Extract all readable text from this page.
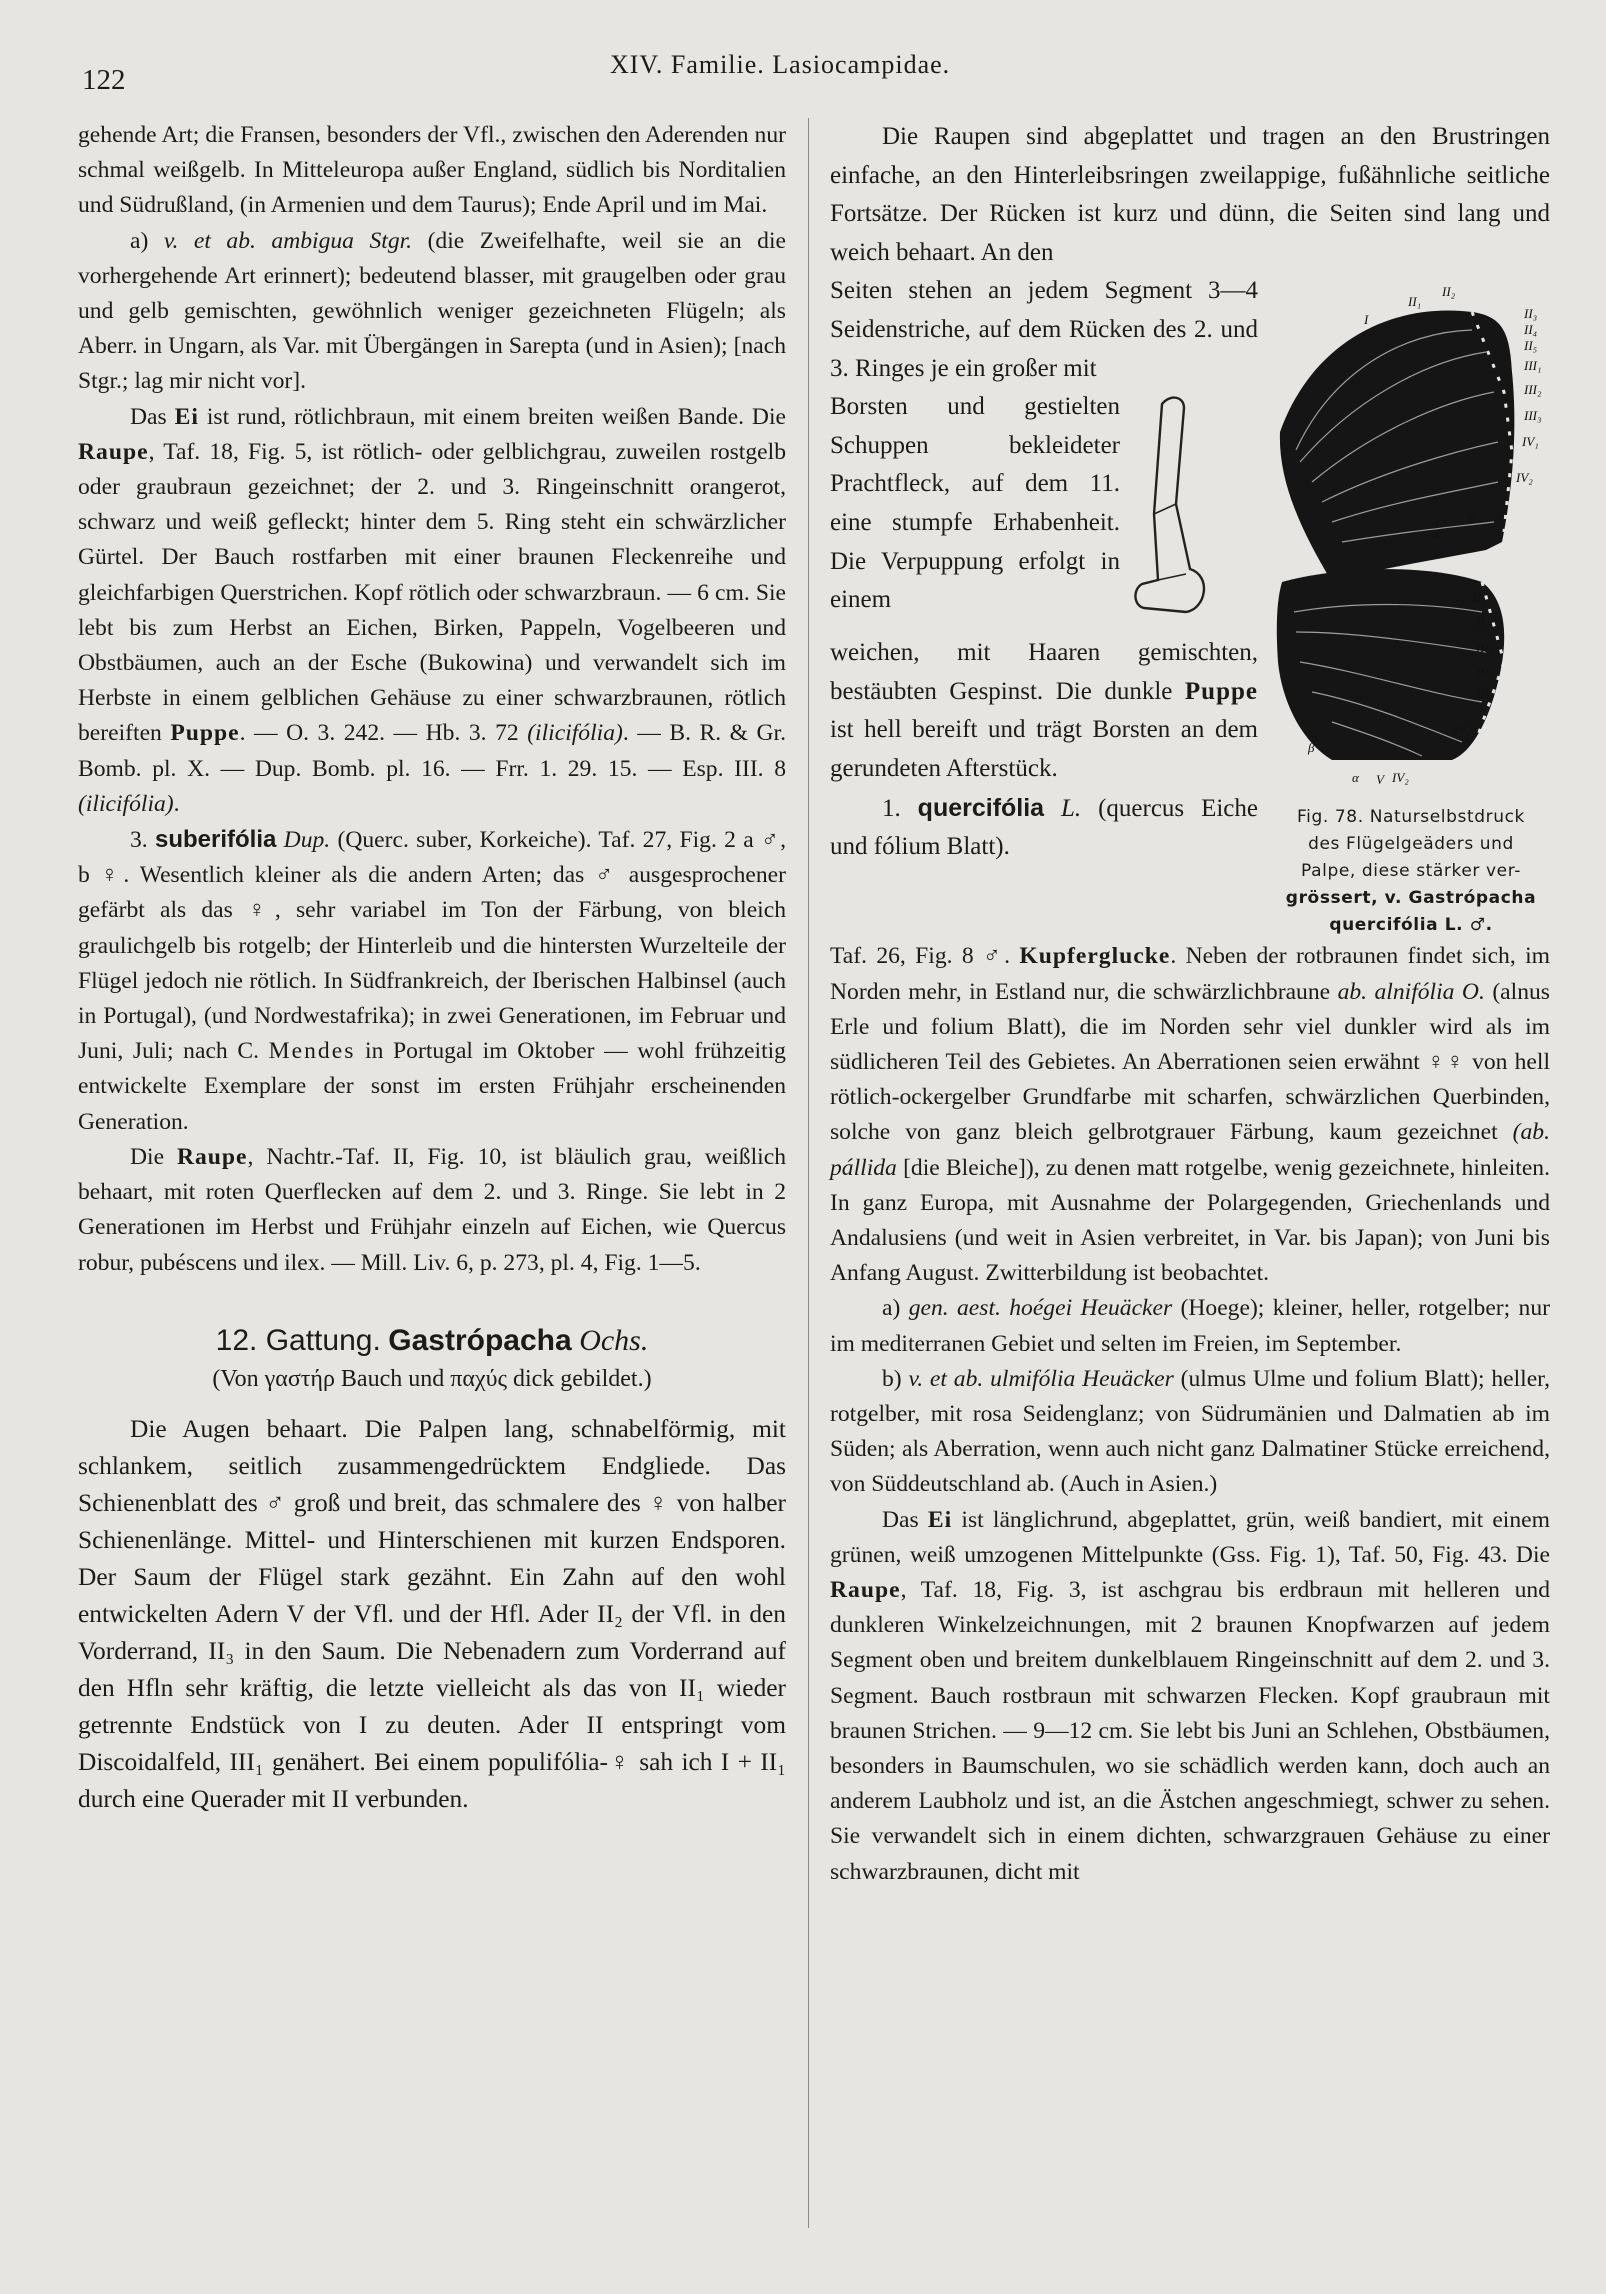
122	XIV. Familie. Lasiocampidae.

gehende Art; die Fransen, besonders der Vfl., zwischen den Aderenden nur schmal weißgelb. In Mitteleuropa außer England, südlich bis Norditalien und Südrußland, (in Armenien und dem Taurus); Ende April und im Mai.

a) v. et ab. ambigua Stgr. (die Zweifelhafte, weil sie an die vorhergehende Art erinnert); bedeutend blasser, mit graugelben oder grau und gelb gemischten, gewöhnlich weniger gezeichneten Flügeln; als Aberr. in Ungarn, als Var. mit Übergängen in Sarepta (und in Asien); [nach Stgr.; lag mir nicht vor].

Das Ei ist rund, rötlichbraun, mit einem breiten weißen Bande. Die Raupe, Taf. 18, Fig. 5, ist rötlich- oder gelblichgrau, zuweilen rostgelb oder graubraun gezeichnet; der 2. und 3. Ringeinschnitt orangerot, schwarz und weiß gefleckt; hinter dem 5. Ring steht ein schwärzlicher Gürtel. Der Bauch rostfarben mit einer braunen Fleckenreihe und gleichfarbigen Querstrichen. Kopf rötlich oder schwarzbraun. — 6 cm. Sie lebt bis zum Herbst an Eichen, Birken, Pappeln, Vogelbeeren und Obstbäumen, auch an der Esche (Bukowina) und verwandelt sich im Herbste in einem gelblichen Gehäuse zu einer schwarzbraunen, rötlich bereiften Puppe. — O. 3. 242. — Hb. 3. 72 (ilicifólia). — B. R. & Gr. Bomb. pl. X. — Dup. Bomb. pl. 16. — Frr. 1. 29. 15. — Esp. III. 8 (ilicifólia).

3. suberifólia Dup. (Querc. suber, Korkeiche). Taf. 27, Fig. 2 a ♂, b ♀. Wesentlich kleiner als die andern Arten; das ♂ ausgesprochener gefärbt als das ♀, sehr variabel im Ton der Färbung, von bleich graulichgelb bis rotgelb; der Hinterleib und die hintersten Wurzelteile der Flügel jedoch nie rötlich. In Südfrankreich, der Iberischen Halbinsel (auch in Portugal), (und Nordwestafrika); in zwei Generationen, im Februar und Juni, Juli; nach C. Mendes in Portugal im Oktober — wohl frühzeitig entwickelte Exemplare der sonst im ersten Frühjahr erscheinenden Generation.

Die Raupe, Nachtr.-Taf. II, Fig. 10, ist bläulich grau, weißlich behaart, mit roten Querflecken auf dem 2. und 3. Ringe. Sie lebt in 2 Generationen im Herbst und Frühjahr einzeln auf Eichen, wie Quercus robur, pubéscens und ilex. — Mill. Liv. 6, p. 273, pl. 4, Fig. 1—5.

12. Gattung. Gastrópacha Ochs.

(Von γαστήρ Bauch und παχύς dick gebildet.)

Die Augen behaart. Die Palpen lang, schnabelförmig, mit schlankem, seitlich zusammengedrücktem Endgliede. Das Schienenblatt des ♂ groß und breit, das schmalere des ♀ von halber Schienenlänge. Mittel- und Hinterschienen mit kurzen Endsporen. Der Saum der Flügel stark gezähnt. Ein Zahn auf den wohl entwickelten Adern V der Vfl. und der Hfl. Ader II₂ der Vfl. in den Vorderrand, II₃ in den Saum. Die Nebenadern zum Vorderrand auf den Hfln sehr kräftig, die letzte vielleicht als das von II₁ wieder getrennte Endstück von I zu deuten. Ader II entspringt vom Discoidalfeld, III₁ genähert. Bei einem populifólia-♀ sah ich I + II₁ durch eine Querader mit II verbunden.

Die Raupen sind abgeplattet und tragen an den Brustringen einfache, an den Hinterleibsringen zweilappige, fußähnliche seitliche Fortsätze. Der Rücken ist kurz und dünn, die Seiten sind lang und weich behaart. An den

Seiten stehen an jedem Segment 3—4 Seidenstriche, auf dem Rücken des 2. und 3. Ringes je ein großer mit

Borsten und gestielten Schuppen bekleideter Prachtfleck, auf dem 11. eine stumpfe Erhabenheit. Die Verpuppung erfolgt in einem

weichen, mit Haaren gemischten, bestäubten Gespinst. Die dunkle Puppe ist hell bereift und trägt Borsten an dem gerundeten Afterstück.

1. quercifólia L. (quercus Eiche und fólium Blatt).

II₁
II₂
I	II₃
II₄
II₅
III₁
III₂
III₃
IV₁
IV₂
V
α
II₁
II
III₁
III₂
III₃
IV₁
β
α V IV₂
Fig. 78. Naturselbstdruck
des Flügelgeäders und
Palpe, diese stärker ver-
grössert, v. Gastrópacha
quercifólia L. ♂.

Taf. 26, Fig. 8 ♂. Kupferglucke. Neben der rotbraunen findet sich, im Norden mehr, in Estland nur, die schwärzlichbraune ab. alnifólia O. (alnus Erle und folium Blatt), die im Norden sehr viel dunkler wird als im südlicheren Teil des Gebietes. An Aberrationen seien erwähnt ♀♀ von hell rötlich-ockergelber Grundfarbe mit scharfen, schwärzlichen Querbinden, solche von ganz bleich gelbrotgrauer Färbung, kaum gezeichnet (ab. pállida [die Bleiche]), zu denen matt rotgelbe, wenig gezeichnete, hinleiten. In ganz Europa, mit Ausnahme der Polargegenden, Griechenlands und Andalusiens (und weit in Asien verbreitet, in Var. bis Japan); von Juni bis Anfang August. Zwitterbildung ist beobachtet.

a) gen. aest. hoégei Heuäcker (Hoege); kleiner, heller, rotgelber; nur im mediterranen Gebiet und selten im Freien, im September.

b) v. et ab. ulmifólia Heuäcker (ulmus Ulme und folium Blatt); heller, rotgelber, mit rosa Seidenglanz; von Südrumänien und Dalmatien ab im Süden; als Aberration, wenn auch nicht ganz Dalmatiner Stücke erreichend, von Süddeutschland ab. (Auch in Asien.)

Das Ei ist länglichrund, abgeplattet, grün, weiß bandiert, mit einem grünen, weiß umzogenen Mittelpunkte (Gss. Fig. 1), Taf. 50, Fig. 43. Die Raupe, Taf. 18, Fig. 3, ist aschgrau bis erdbraun mit helleren und dunkleren Winkelzeichnungen, mit 2 braunen Knopfwarzen auf jedem Segment oben und breitem dunkelblauem Ringeinschnitt auf dem 2. und 3. Segment. Bauch rostbraun mit schwarzen Flecken. Kopf graubraun mit braunen Strichen. — 9—12 cm. Sie lebt bis Juni an Schlehen, Obstbäumen, besonders in Baumschulen, wo sie schädlich werden kann, doch auch an anderem Laubholz und ist, an die Ästchen angeschmiegt, schwer zu sehen. Sie verwandelt sich in einem dichten, schwarzgrauen Gehäuse zu einer schwarzbraunen, dicht mit
